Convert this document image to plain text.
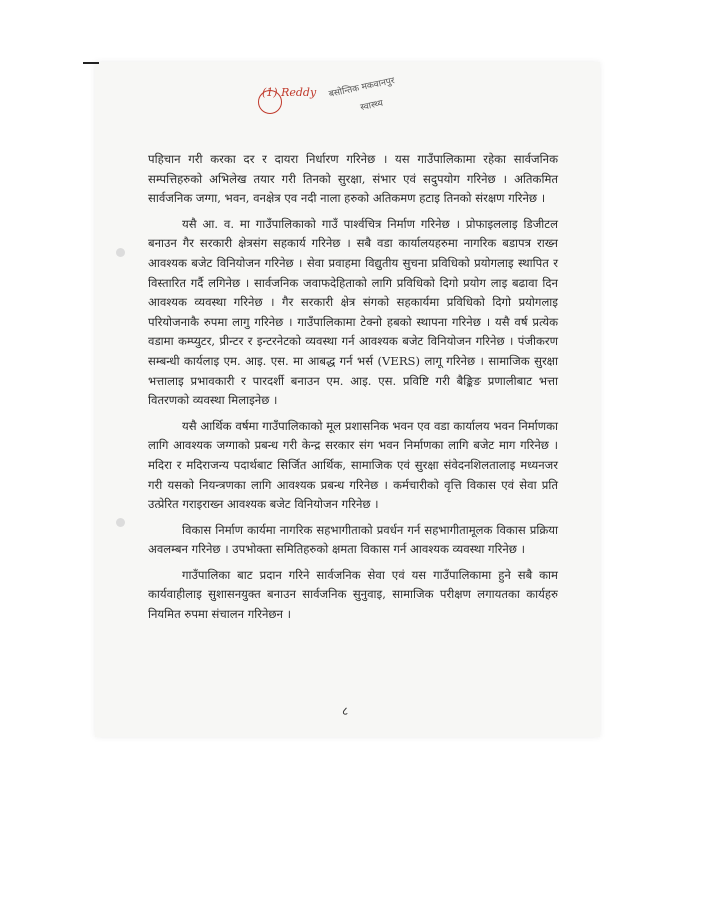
(1) Reddy बसोन्तिक मकवानपुर
स्वास्थ्य

पहिचान गरी करका दर र दायरा निर्धारण गरिनेछ । यस गाउँपालिकामा रहेका सार्वजनिक सम्पत्तिहरुको अभिलेख तयार गरी तिनको सुरक्षा, संभार एवं सदुपयोग गरिनेछ । अतिकमित सार्वजनिक जग्गा, भवन, वनक्षेत्र एव नदी नाला हरुको अतिकमण हटाइ तिनको संरक्षण गरिनेछ ।

यसै आ. व. मा गाउँपालिकाको गाउँ पार्श्वचित्र निर्माण गरिनेछ । प्रोफाइललाइ डिजीटल बनाउन गैर सरकारी क्षेत्रसंग सहकार्य गरिनेछ । सबै वडा कार्यालयहरुमा नागरिक बडापत्र राख्न आवश्यक बजेट विनियोजन गरिनेछ । सेवा प्रवाहमा विद्युतीय सुचना प्रविधिको प्रयोगलाइ स्थापित र विस्तारित गर्दै लगिनेछ । सार्वजनिक जवाफदेहिताको लागि प्रविधिको दिगो प्रयोग लाइ बढावा दिन आवश्यक व्यवस्था गरिनेछ । गैर सरकारी क्षेत्र संगको सहकार्यमा प्रविधिको दिगो प्रयोगलाइ परियोजनाकै रुपमा लागु गरिनेछ । गाउँपालिकामा टेक्नो हबको स्थापना गरिनेछ । यसै वर्ष प्रत्येक वडामा कम्प्युटर, प्रीन्टर र इन्टरनेटको व्यवस्था गर्न आवश्यक बजेट विनियोजन गरिनेछ । पंजीकरण सम्बन्धी कार्यलाइ एम. आइ. एस. मा आबद्ध गर्न भर्स (VERS) लागू गरिनेछ । सामाजिक सुरक्षा भत्तालाइ प्रभावकारी र पारदर्शी बनाउन एम. आइ. एस. प्रविष्टि गरी बैङ्किङ प्रणालीबाट भत्ता वितरणको व्यवस्था मिलाइनेछ ।

यसै आर्थिक वर्षमा गाउँपालिकाको मूल प्रशासनिक भवन एव वडा कार्यालय भवन निर्माणका लागि आवश्यक जग्गाको प्रबन्ध गरी केन्द्र सरकार संग भवन निर्माणका लागि बजेट माग गरिनेछ । मदिरा र मदिराजन्य पदार्थबाट सिर्जित आर्थिक, सामाजिक एवं सुरक्षा संवेदनशिलतालाइ मध्यनजर गरी यसको नियन्त्रणका लागि आवश्यक प्रबन्ध गरिनेछ । कर्मचारीको वृत्ति विकास एवं सेवा प्रति उत्प्रेरित गराइराख्न आवश्यक बजेट विनियोजन गरिनेछ ।

विकास निर्माण कार्यमा नागरिक सहभागीताको प्रवर्धन गर्न सहभागीतामूलक विकास प्रक्रिया अवलम्बन गरिनेछ । उपभोक्ता समितिहरुको क्षमता विकास गर्न आवश्यक व्यवस्था गरिनेछ ।

गाउँपालिका बाट प्रदान गरिने सार्वजनिक सेवा एवं यस गाउँपालिकामा हुने सबै काम कार्यवाहीलाइ सुशासनयुक्त बनाउन सार्वजनिक सुनुवाइ, सामाजिक परीक्षण लगायतका कार्यहरु नियमित रुपमा संचालन गरिनेछन ।

८
